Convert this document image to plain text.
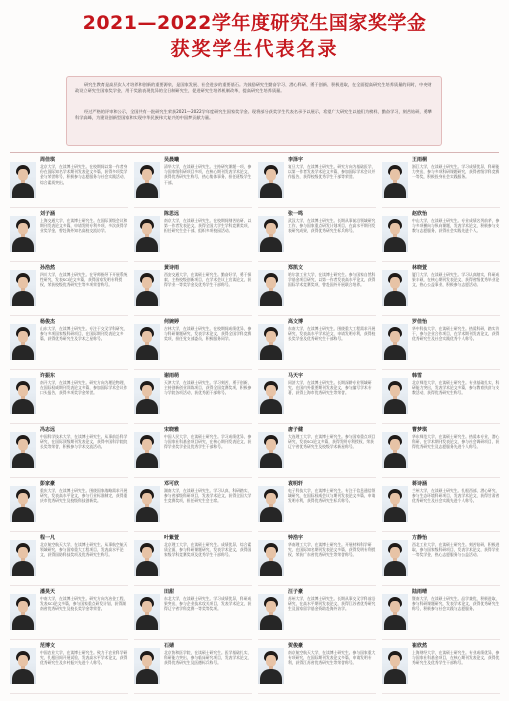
2021—2022学年度研究生国家奖学金
获奖学生代表名录

研究生教育是高层次人才培养和创新的重要源泉，是国家发展、社会进步的重要基石。为鼓励研究生勤奋学习、潜心科研、勇于创新、积极进取，在全面提高研究生培养质量的同时，中央财政设立研究生国家奖学金，用于奖励表现优异的全日制研究生，促进研究生培养机制改革，提高研究生培养质量。

经过严格的评审和公示，全国共有一批研究生荣获2021—2022学年度研究生国家奖学金。现将部分获奖学生代表名录予以展示，希望广大研究生以他们为榜样，勤奋学习，刻苦钻研，勇攀科学高峰，为建设创新型国家和实现中华民族伟大复兴的中国梦贡献力量。

周佳琪

北京大学，在读博士研究生。在校期间以第一作者身份在国际知名学术期刊发表论文多篇，获得多项奖学金与荣誉称号，积极参与志愿服务与社会实践活动，综合素质突出。

吴晨曦

清华大学，在读硕士研究生。主持研究课题一项，参与国家级科研项目多项，在核心期刊发表学术论文，获得优秀研究生称号，热心集体事务，担任班级学生干部。

李泽宇

复旦大学，在读博士研究生。研究方向为基础医学，以第一作者发表学术论文多篇，参加国际学术会议并作报告，获得校级优秀学生干部等荣誉。

王雨桐

浙江大学，在读硕士研究生。学习成绩优异，科研能力突出，参与多项科研课题研究，获得省级学科竞赛一等奖，积极投身社会实践服务。

刘子涵

上海交通大学，在读博士研究生。在国际顶级会议和期刊发表论文多篇，申请发明专利多项，多次获得学业奖学金，曾赴海外知名高校交流访学。

陈思远

南京大学，在读硕士研究生。在校期间刻苦钻研，以第一作者发表论文，获得全国大学生学科竞赛奖项，担任研究生会干部，组织多项校园活动。

张一鸣

武汉大学，在读博士研究生。长期从事前沿领域研究工作，参与国家重点研发计划项目，在高水平期刊发表研究成果，获得优秀研究生标兵称号。

赵欣怡

中山大学，在读硕士研究生。专业成绩名列前茅，参与多项横向与纵向课题，发表学术论文，积极参与支教与志愿服务，获得社会实践先进个人。

孙浩然

四川大学，在读博士研究生。在导师指导下开展系统性研究，发表SCI论文多篇，获得国家发明专利授权，荣获校级优秀研究生等多项荣誉称号。

黄诗雨

西安交通大学，在读硕士研究生。勤奋好学，勇于探索，主持校级创新项目，在学术会议上宣读论文，获得学业一等奖学金及优秀学生干部称号。

郑凯文

哈尔滨工业大学，在读博士研究生。参与国家自然科学基金项目研究，以第一作者发表高水平论文，获得国际学术竞赛奖项，曾赴国外开展联合培养。

林晓萱

厦门大学，在读硕士研究生。学习认真踏实，科研成果丰硕，在核心期刊发表论文，获得省级优秀毕业论文，热心公益事业，积极参与志愿活动。

杨俊杰

山东大学，在读博士研究生。专注于交叉学科研究，参与多项国家级科研项目，在国际期刊发表论文多篇，获得优秀研究生及学术之星称号。

何婉婷

吉林大学，在读硕士研究生。在校期间成绩优异，参与科研课题研究，发表学术论文，获得全国学科竞赛奖项，担任党支部委员，积极服务同学。

高文博

东南大学，在读博士研究生。围绕重大工程需求开展研究，发表高水平学术论文，申请发明专利，获得校长奖学金及优秀研究生干部称号。

罗佳怡

华中科技大学，在读硕士研究生。热爱科研，踏实肯干，参与企业合作项目，在学术期刊发表论文，获得优秀研究生及社会实践优秀个人称号。

许振东

南开大学，在读博士研究生。研究方向为理论物理，在国际权威期刊发表论文多篇，参加国际学术会议作口头报告，获得多项奖学金荣誉。

谢雨萌

天津大学，在读硕士研究生。学习刻苦，勇于创新，主持创新创业训练项目，获得全国竞赛奖项，积极参与学院各项活动，获优秀团干部称号。

马天宇

同济大学，在读博士研究生。长期深耕专业领域研究，在国内外重要期刊发表论文，参与编写学术专著，获得上海市优秀研究生等荣誉。

韩雪

北京师范大学，在读硕士研究生。专业基础扎实，科研能力突出，发表学术论文多篇，参与教育扶贫与支教活动，获得优秀研究生称号。

冯志远

中国科学技术大学，在读博士研究生。从事前沿科学研究，在国际顶级期刊发表论文，获得中国科学院院长奖等荣誉，积极参与学术交流活动。

宋晓雅

中国人民大学，在读硕士研究生。学习成绩优异，参与国家社科基金项目研究，在核心期刊发表论文，获得学业奖学金及优秀学生干部称号。

唐子健

大连理工大学，在读博士研究生。参与国家重点项目研究，发表SCI论文多篇，获得发明专利授权，荣获辽宁省优秀研究生及校级学术新星称号。

曹梦琪

华东师范大学，在读硕士研究生。热爱本专业，潜心科研，在学术期刊发表论文，参与社会调研项目，获得优秀研究生及志愿服务先进个人称号。

彭家豪

重庆大学，在读博士研究生。围绕国家战略需求开展研究，发表高水平论文，参与行业标准制定，获得重庆市优秀研究生及校级科技创新奖。

邓可欣

湖南大学，在读硕士研究生。学习认真，科研踏实，参与省部级科研项目，发表学术论文，获得全国大学生竞赛奖项，担任研究生会主席。

袁明轩

电子科技大学，在读博士研究生。专注于信息通信领域研究，在国际权威会议与期刊发表论文多篇，申请发明专利，获得优秀研究生标兵称号。

蒋诗涵

兰州大学，在读硕士研究生。扎根西部，潜心研究，参与生态环境科研项目，发表学术论文，获得甘肃省优秀研究生及社会实践先进个人称号。

程一凡

北京航空航天大学，在读博士研究生。从事航空航天领域研究，参与国家重大工程项目，发表高水平论文，获得国防科技奖项及优秀研究生称号。

叶紫萱

北京理工大学，在读硕士研究生。成绩优异，综合素质全面，参与科研课题研究，发表学术论文，获得国家级学科竞赛奖项及优秀学生干部称号。

钟浩宇

华南理工大学，在读博士研究生。开展材料科学研究，在国际知名期刊发表论文多篇，获得发明专利授权，荣获广东省优秀研究生等荣誉称号。

方静怡

西北工业大学，在读硕士研究生。刻苦钻研，积极进取，参与国家级科研项目，发表学术论文，获得学业一等奖学金，热心志愿服务与公益活动。

潘昊天

中南大学，在读博士研究生。研究方向为冶金工程，发表SCI论文多篇，参与国家重点研发计划，获得湖南省优秀研究生及校长奖学金等荣誉。

田甜

东北大学，在读硕士研究生。学习成绩优异，科研成果突出，参与企业技术攻关项目，发表学术论文，获得辽宁省学科竞赛一等奖等奖项。

汪子豪

苏州大学，在读博士研究生。长期从事交叉学科前沿研究，在高水平期刊发表论文，获得江苏省优秀研究生及国家留学基金资助赴海外访学。

陆雨晴

暨南大学，在读硕士研究生。品学兼优，积极进取，参与科研课题研究，发表学术论文，获得优秀研究生称号，积极参与社会实践与志愿服务。

范博文

中国农业大学，在读博士研究生。致力于农业科学研究，扎根田间开展试验，发表高水平学术论文，获得优秀研究生及乡村振兴先进个人称号。

石婧

北京协和医学院，在读硕士研究生。医学基础扎实，科研能力突出，参与临床研究项目，发表学术论文，获得优秀研究生及医德标兵称号。

贺俊豪

南京航空航天大学，在读博士研究生。参与国家重大专项研究，在国际期刊发表论文多篇，申请发明专利，获得江苏省优秀研究生等荣誉称号。

崔欣然

上海财经大学，在读硕士研究生。专业成绩优异，参与国家社科基金项目，在核心期刊发表论文，获得优秀研究生及优秀学生干部称号。
